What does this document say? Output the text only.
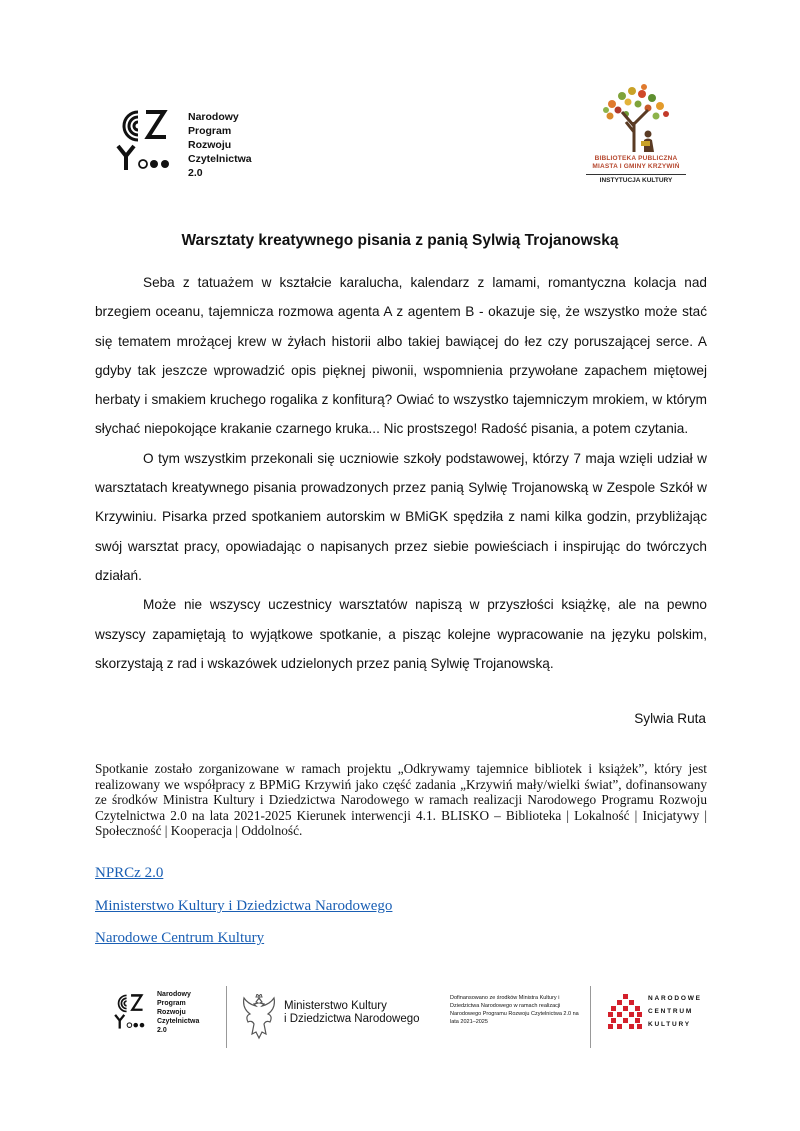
Narodowy
Program
Rozwoju
Czytelnictwa
2.0
BIBLIOTEKA PUBLICZNA
MIASTA I GMINY KRZYWIŃ
INSTYTUCJA KULTURY
Warsztaty kreatywnego pisania z panią Sylwią Trojanowską

Seba z tatuażem w kształcie karalucha, kalendarz z lamami, romantyczna kolacja nad brzegiem oceanu, tajemnicza rozmowa agenta A z agentem B - okazuje się, że wszystko może stać się tematem mrożącej krew w żyłach historii albo takiej bawiącej do łez czy poruszającej serce. A gdyby tak jeszcze wprowadzić opis pięknej piwonii, wspomnienia przywołane zapachem miętowej herbaty i smakiem kruchego rogalika z konfiturą? Owiać to wszystko tajemniczym mrokiem, w którym słychać niepokojące krakanie czarnego kruka... Nic prostszego! Radość pisania, a potem czytania.

O tym wszystkim przekonali się uczniowie szkoły podstawowej, którzy 7 maja wzięli udział w warsztatach kreatywnego pisania prowadzonych przez panią Sylwię Trojanowską w Zespole Szkół w Krzywiniu. Pisarka przed spotkaniem autorskim w BMiGK spędziła z nami kilka godzin, przybliżając swój warsztat pracy, opowiadając o napisanych przez siebie powieściach i inspirując do twórczych działań.

Może nie wszyscy uczestnicy warsztatów napiszą w przyszłości książkę, ale na pewno wszyscy zapamiętają to wyjątkowe spotkanie, a pisząc kolejne wypracowanie na języku polskim, skorzystają z rad i wskazówek udzielonych przez panią Sylwię Trojanowską.

Sylwia Ruta
Spotkanie zostało zorganizowane w ramach projektu „Odkrywamy tajemnice bibliotek i książek”, który jest realizowany we współpracy z BPMiG Krzywiń jako część zadania „Krzywiń mały/wielki świat”, dofinansowany ze środków Ministra Kultury i Dziedzictwa Narodowego w ramach realizacji Narodowego Programu Rozwoju Czytelnictwa 2.0 na lata 2021-2025 Kierunek interwencji 4.1. BLISKO – Biblioteka | Lokalność | Inicjatywy | Społeczność | Kooperacja | Oddolność.
NPRCz 2.0
Ministerstwo Kultury i Dziedzictwa Narodowego
Narodowe Centrum Kultury
Narodowy
Program
Rozwoju
Czytelnictwa
2.0
Ministerstwo Kultury
i Dziedzictwa Narodowego
Dofinansowano ze środków Ministra Kultury i Dziedzictwa Narodowego w ramach realizacji Narodowego Programu Rozwoju Czytelnictwa 2.0 na lata 2021–2025
NARODOWE
CENTRUM
KULTURY
